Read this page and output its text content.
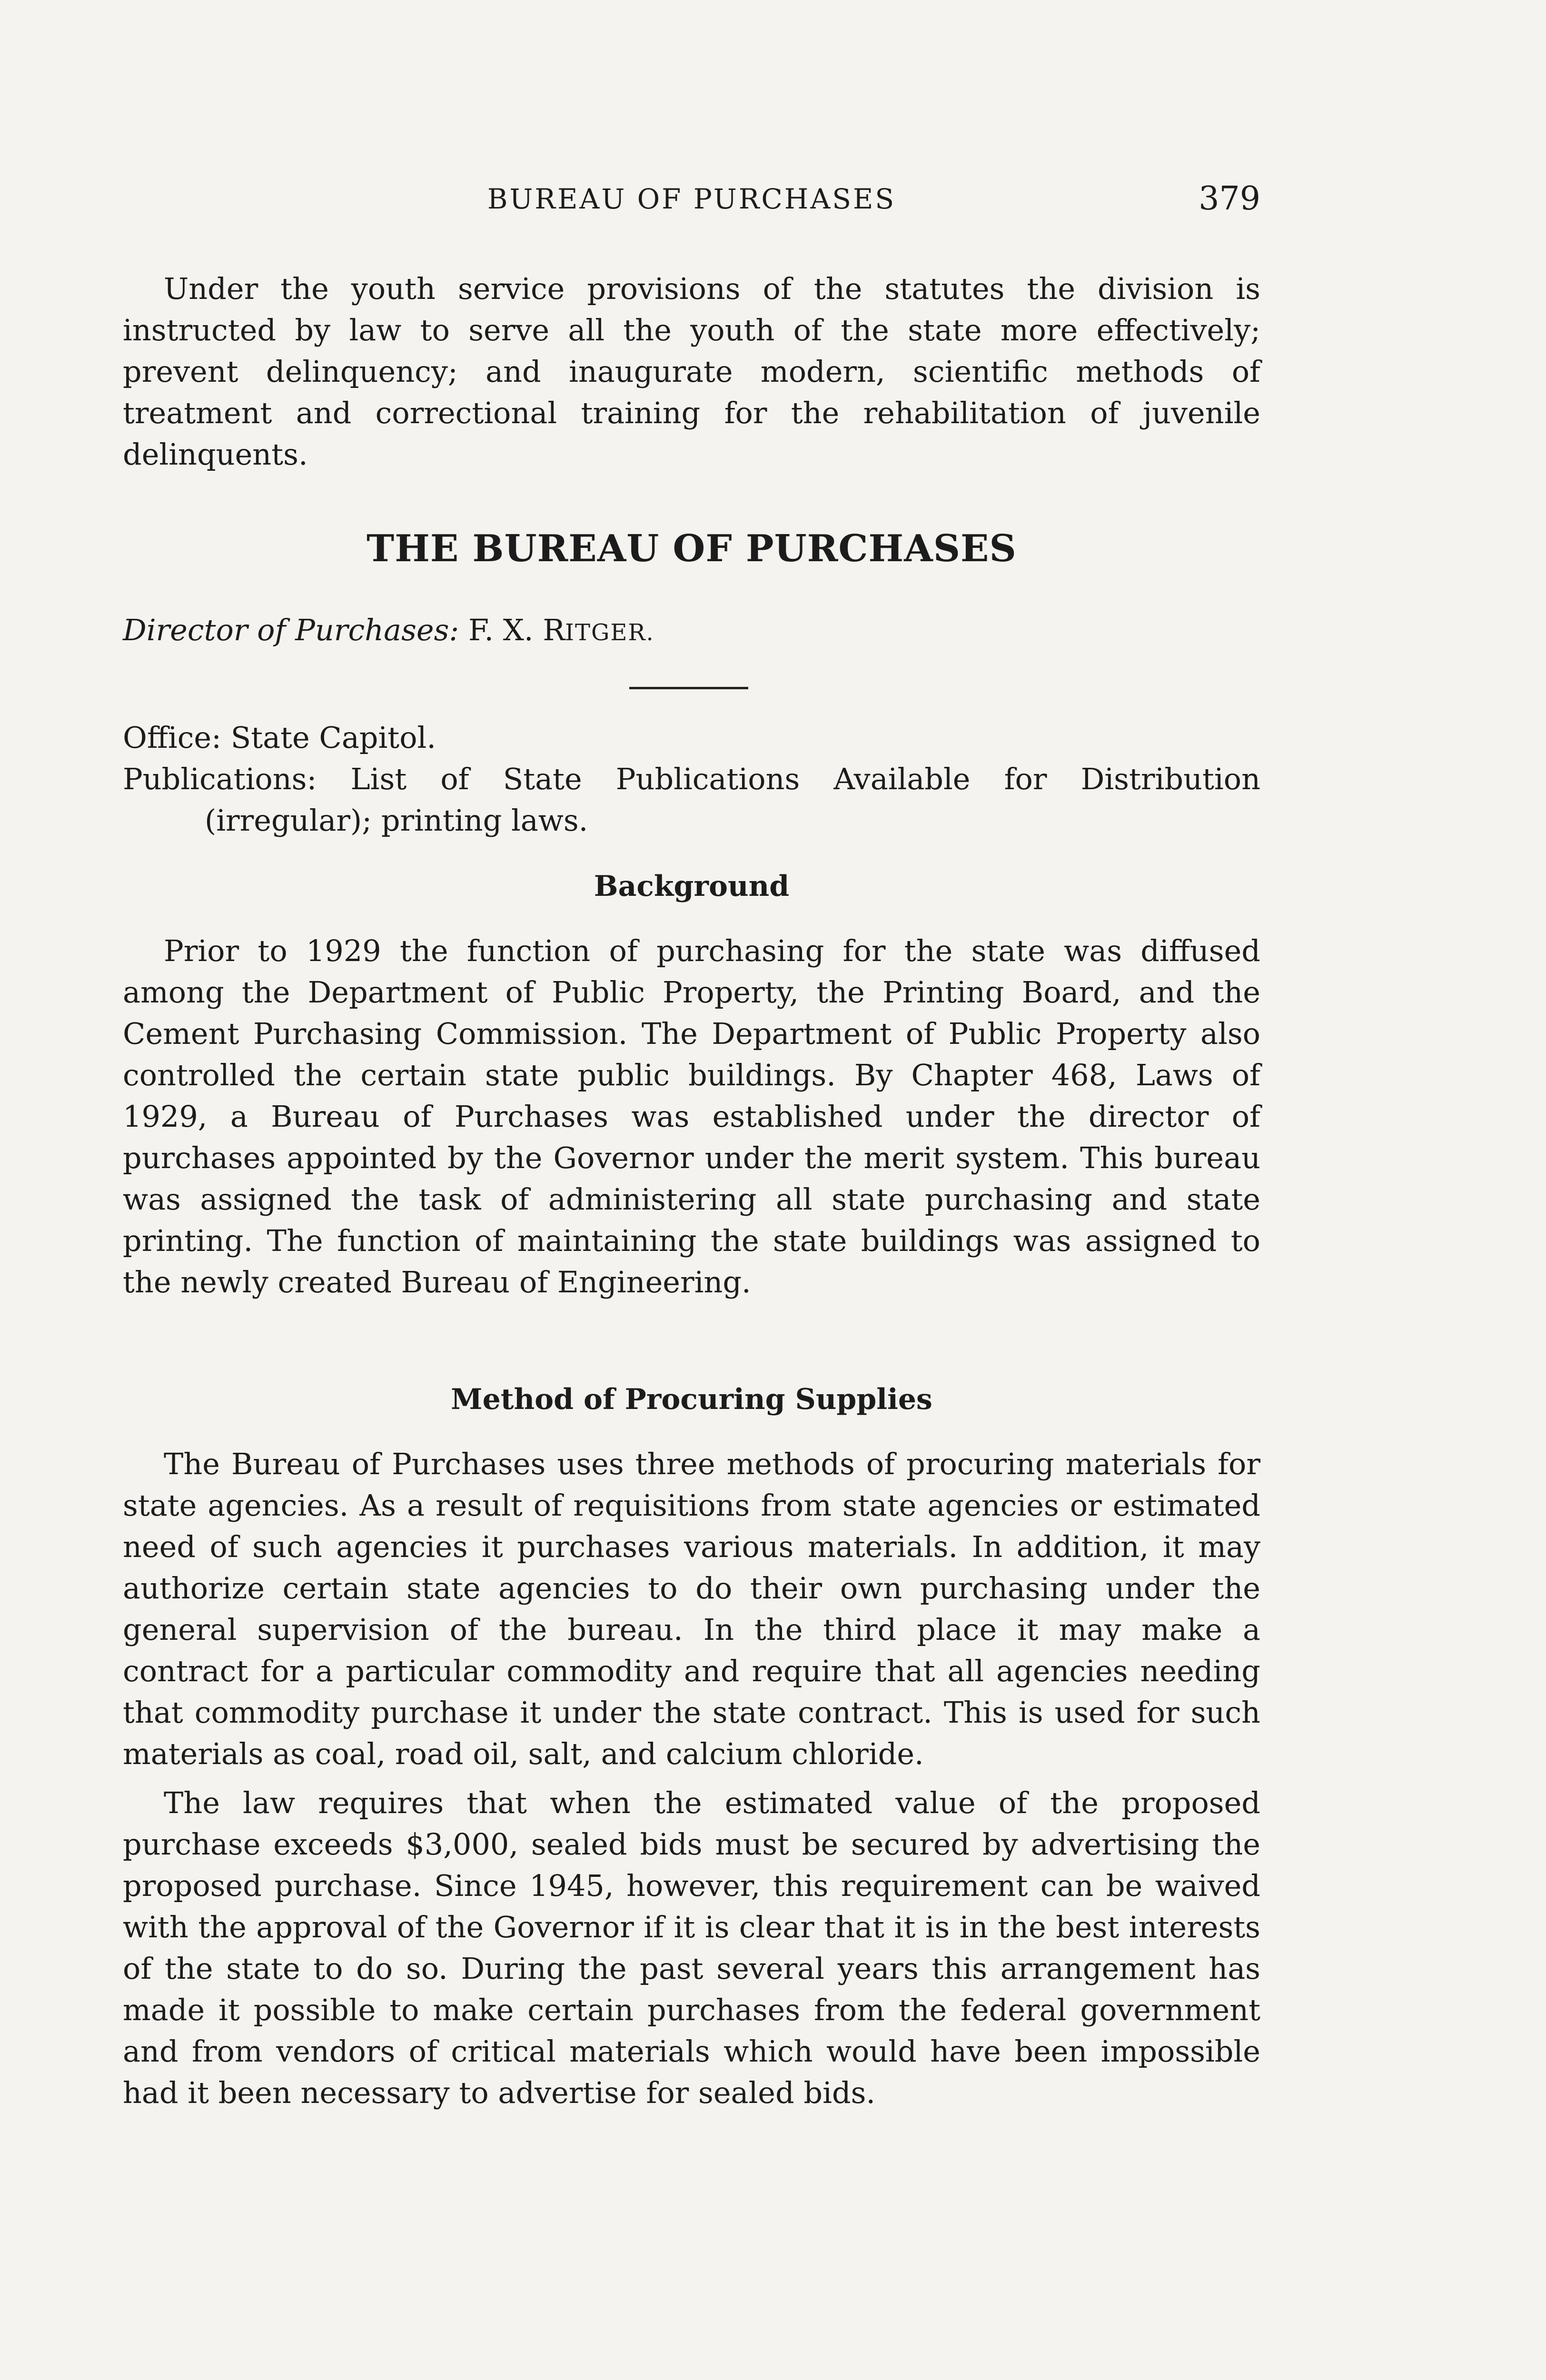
BUREAU OF PURCHASES	379

Under the youth service provisions of the statutes the division is instructed by law to serve all the youth of the state more effectively; prevent delinquency; and inaugurate modern, scientific methods of treatment and correctional training for the rehabilitation of juvenile delinquents.

THE BUREAU OF PURCHASES
Director of Purchases: F. X. RITGER.

Office: State Capitol.

Publications: List of State Publications Available for Distribution (irregular); printing laws.

Background

Prior to 1929 the function of purchasing for the state was diffused among the Department of Public Property, the Printing Board, and the Cement Purchasing Commission. The Department of Public Property also controlled the certain state public buildings. By Chapter 468, Laws of 1929, a Bureau of Purchases was established under the director of purchases appointed by the Governor under the merit system. This bureau was assigned the task of administering all state purchasing and state printing. The function of maintaining the state buildings was assigned to the newly created Bureau of Engineering.

Method of Procuring Supplies

The Bureau of Purchases uses three methods of procuring materials for state agencies. As a result of requisitions from state agencies or estimated need of such agencies it purchases various materials. In addition, it may authorize certain state agencies to do their own purchasing under the general supervision of the bureau. In the third place it may make a contract for a particular commodity and require that all agencies needing that commodity purchase it under the state contract. This is used for such materials as coal, road oil, salt, and calcium chloride.

The law requires that when the estimated value of the proposed purchase exceeds $3,000, sealed bids must be secured by advertising the proposed purchase. Since 1945, however, this requirement can be waived with the approval of the Governor if it is clear that it is in the best interests of the state to do so. During the past several years this arrangement has made it possible to make certain purchases from the federal government and from vendors of critical materials which would have been impossible had it been necessary to advertise for sealed bids.
